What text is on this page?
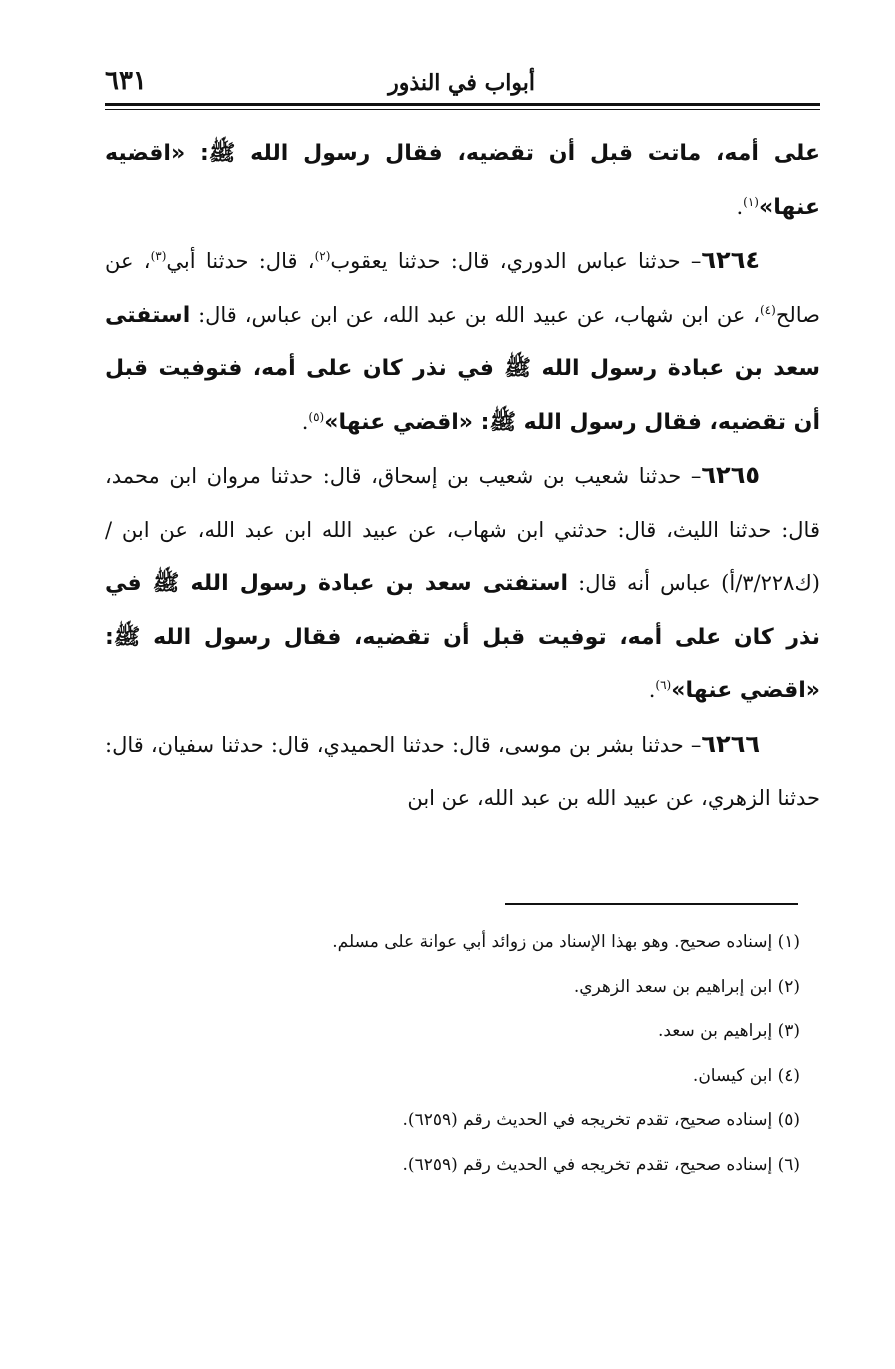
أبواب في النذور
٦٣١

على أمه، ماتت قبل أن تقضيه، فقال رسول الله ﷺ: «اقضيه عنها»$^{(١)}$.

٦٢٦٤– حدثنا عباس الدوري، قال: حدثنا يعقوب$^{(٢)}$، قال: حدثنا أبي$^{(٣)}$، عن صالح$^{(٤)}$، عن ابن شهاب، عن عبيد الله بن عبد الله، عن ابن عباس، قال: استفتى سعد بن عبادة رسول الله ﷺ في نذر كان على أمه، فتوفيت قبل أن تقضيه، فقال رسول الله ﷺ: «اقضي عنها»$^{(٥)}$.

٦٢٦٥– حدثنا شعيب بن شعيب بن إسحاق، قال: حدثنا مروان ابن محمد، قال: حدثنا الليث، قال: حدثني ابن شهاب، عن عبيد الله ابن عبد الله، عن ابن / (ك٣/٢٢٨/أ) عباس أنه قال: استفتى سعد بن عبادة رسول الله ﷺ في نذر كان على أمه، توفيت قبل أن تقضيه، فقال رسول الله ﷺ: «اقضي عنها»$^{(٦)}$.

٦٢٦٦– حدثنا بشر بن موسى، قال: حدثنا الحميدي، قال: حدثنا سفيان، قال: حدثنا الزهري، عن عبيد الله بن عبد الله، عن ابن

(١) إسناده صحيح. وهو بهذا الإسناد من زوائد أبي عوانة على مسلم.

(٢) ابن إبراهيم بن سعد الزهري.

(٣) إبراهيم بن سعد.

(٤) ابن كيسان.

(٥) إسناده صحيح، تقدم تخريجه في الحديث رقم (٦٢٥٩).

(٦) إسناده صحيح، تقدم تخريجه في الحديث رقم (٦٢٥٩).
